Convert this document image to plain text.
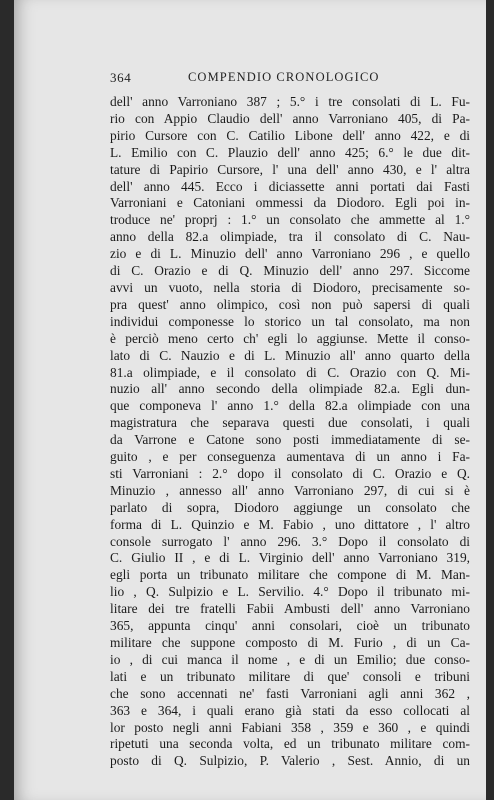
364	COMPENDIO CRONOLOGICO
dell' anno Varroniano 387 ; 5.° i tre consolati di L. Fu-
rio con Appio Claudio dell' anno Varroniano 405, di Pa-
pirio Cursore con C. Catilio Libone dell' anno 422, e di
L. Emilio con C. Plauzio dell' anno 425; 6.° le due dit-
tature di Papirio Cursore, l' una dell' anno 430, e l' altra
dell' anno 445. Ecco i diciassette anni portati dai Fasti
Varroniani e Catoniani ommessi da Diodoro. Egli poi in-
troduce ne' proprj : 1.° un consolato che ammette al 1.°
anno della 82.a olimpiade, tra il consolato di C. Nau-
zio e di L. Minuzio dell' anno Varroniano 296 , e quello
di C. Orazio e di Q. Minuzio dell' anno 297. Siccome
avvi un vuoto, nella storia di Diodoro, precisamente so-
pra quest' anno olimpico, così non può sapersi di quali
individui componesse lo storico un tal consolato, ma non
è perciò meno certo ch' egli lo aggiunse. Mette il conso-
lato di C. Nauzio e di L. Minuzio all' anno quarto della
81.a olimpiade, e il consolato di C. Orazio con Q. Mi-
nuzio all' anno secondo della olimpiade 82.a. Egli dun-
que componeva l' anno 1.° della 82.a olimpiade con una
magistratura che separava questi due consolati, i quali
da Varrone e Catone sono posti immediatamente di se-
guito , e per conseguenza aumentava di un anno i Fa-
sti Varroniani : 2.° dopo il consolato di C. Orazio e Q.
Minuzio , annesso all' anno Varroniano 297, di cui si è
parlato di sopra, Diodoro aggiunge un consolato che
forma di L. Quinzio e M. Fabio , uno dittatore , l' altro
console surrogato l' anno 296. 3.° Dopo il consolato di
C. Giulio II , e di L. Virginio dell' anno Varroniano 319,
egli porta un tribunato militare che compone di M. Man-
lio , Q. Sulpizio e L. Servilio. 4.° Dopo il tribunato mi-
litare dei tre fratelli Fabii Ambusti dell' anno Varroniano
365, appunta cinqu' anni consolari, cioè un tribunato
militare che suppone composto di M. Furio , di un Ca-
io , di cui manca il nome , e di un Emilio; due conso-
lati e un tribunato militare di que' consoli e tribuni
che sono accennati ne' fasti Varroniani agli anni 362 ,
363 e 364, i quali erano già stati da esso collocati al
lor posto negli anni Fabiani 358 , 359 e 360 , e quindi
ripetuti una seconda volta, ed un tribunato militare com-
posto di Q. Sulpizio, P. Valerio , Sest. Annio, di un
